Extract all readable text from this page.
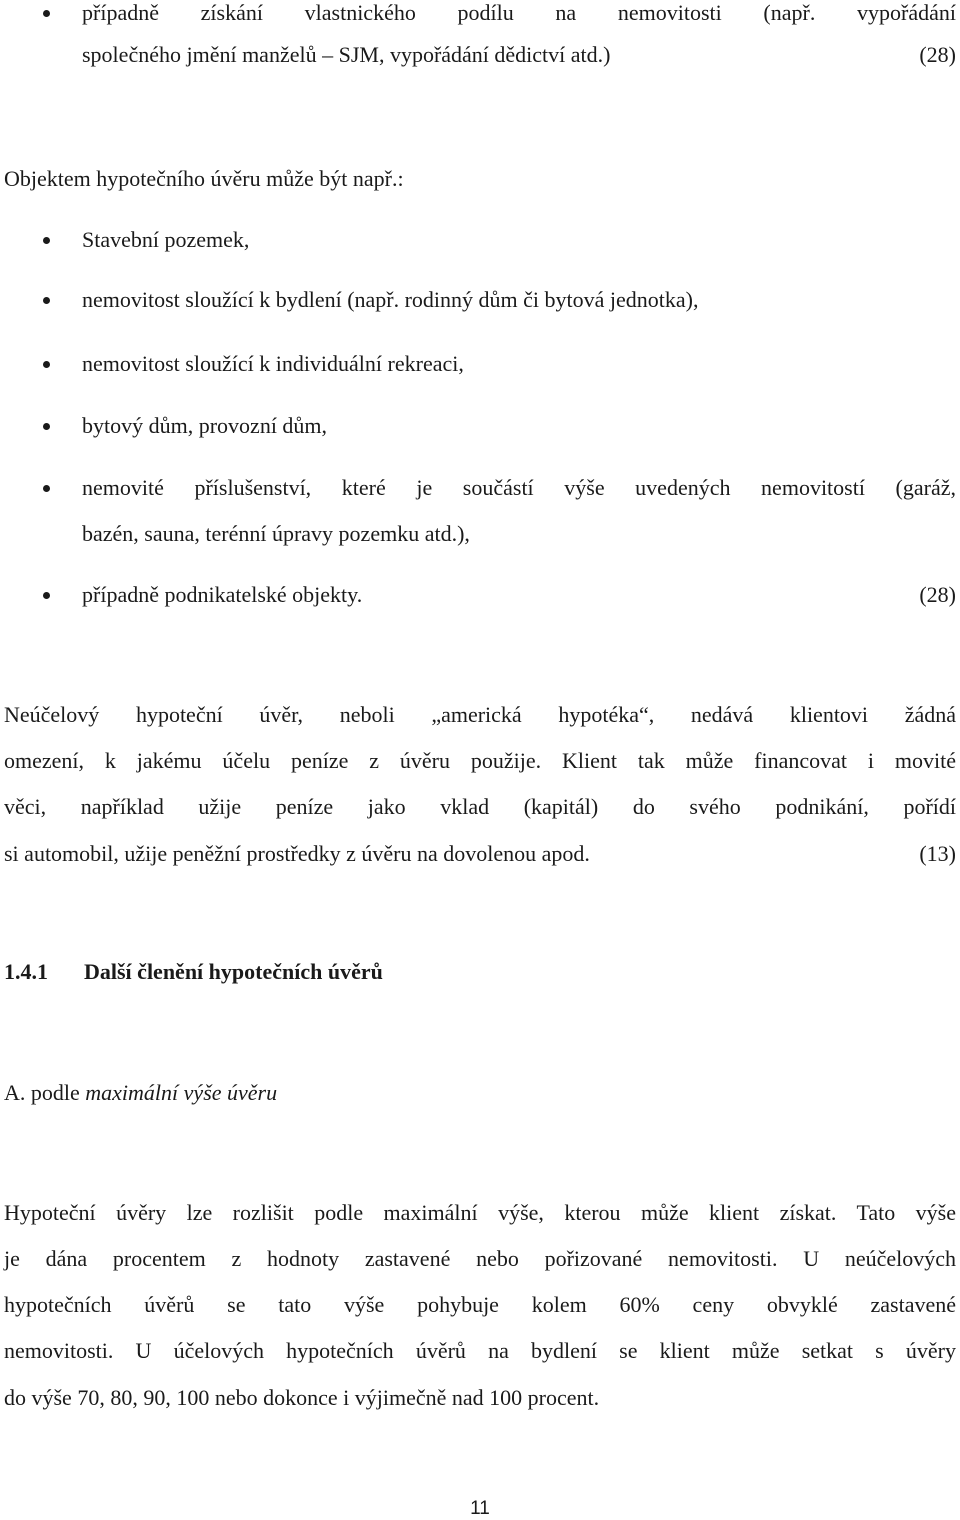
případně získání vlastnického podílu na nemovitosti (např. vypořádání
společného jmění manželů – SJM, vypořádání dědictví atd.)	(28)
Objektem hypotečního úvěru může být např.:
Stavební pozemek,
nemovitost sloužící k bydlení (např. rodinný dům či bytová jednotka),
nemovitost sloužící k individuální rekreaci,
bytový dům, provozní dům,
nemovité příslušenství, které je součástí výše uvedených nemovitostí (garáž,
bazén, sauna, terénní úpravy pozemku atd.),
případně podnikatelské objekty.	(28)
Neúčelový hypoteční úvěr, neboli „americká hypotéka“, nedává klientovi žádná
omezení, k jakému účelu peníze z úvěru použije. Klient tak může financovat i movité
věci, například užije peníze jako vklad (kapitál) do svého podnikání, pořídí
si automobil, užije peněžní prostředky z úvěru na dovolenou apod.	(13)
1.4.1 Další členění hypotečních úvěrů
A. podle maximální výše úvěru
Hypoteční úvěry lze rozlišit podle maximální výše, kterou může klient získat. Tato výše
je dána procentem z hodnoty zastavené nebo pořizované nemovitosti. U neúčelových
hypotečních úvěrů se tato výše pohybuje kolem 60% ceny obvyklé zastavené
nemovitosti. U účelových hypotečních úvěrů na bydlení se klient může setkat s úvěry
do výše 70, 80, 90, 100 nebo dokonce i výjimečně nad 100 procent.
11
